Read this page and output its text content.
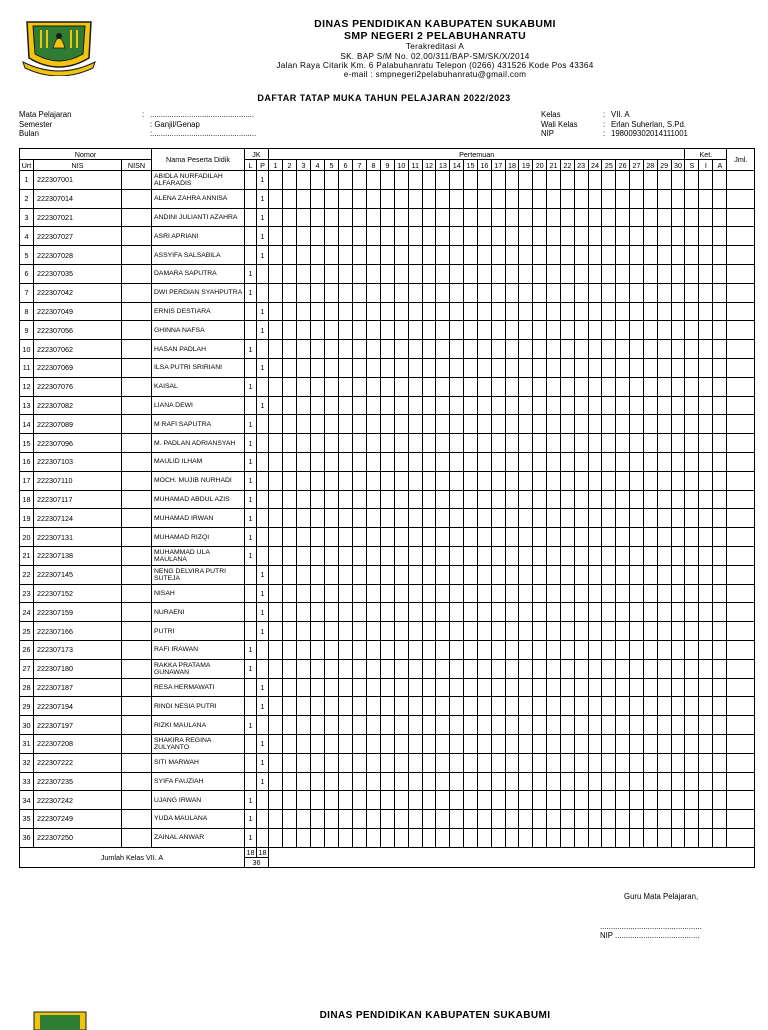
DINAS PENDIDIKAN KABUPATEN SUKABUMI
SMP NEGERI 2 PELABUHANRATU
Terakreditasi A
SK. BAP S/M No. 02.00/311/BAP-SM/SK/X/2014
Jalan Raya Citarik Km. 6 Palabuhanratu Telepon (0266) 431526 Kode Pos 43364
e-mail : smpnegeri2pelabuhanratu@gmail.com
DAFTAR TATAP MUKA TAHUN PELAJARAN 2022/2023
Mata Pelajaran	: ................................................
Semester	: Ganjil/Genap
Bulan	:................................................
Kelas	: VII. A
Wali Kelas	: Erlan Suherlan, S.Pd.
NIP	: 198009302014111001
Nomor			Nama Peserta Didik	JK		Pertemuan																														Ket.			Jml.
Urt	NIS	NISN		L	P	1	2	3	4	5	6	7	8	9	10	11	12	13	14	15	16	17	18	19	20	21	22	23	24	25	26	27	28	29	30	S	I	A	
1	222307001		ABIDLA NURFADILAH ALFARADIS		1																																		
2	222307014		ALENA ZAHRA ANNISA		1																																		
3	222307021		ANDINI JULIANTI AZAHRA		1																																		
4	222307027		ASRI APRIANI		1																																		
5	222307028		ASSYIFA SALSABILA		1																																		
6	222307035		DAMARA SAPUTRA	1																																			
7	222307042		DWI PERDIAN SYAHPUTRA	1																																			
8	222307049		ERNIS DESTIARA		1																																		
9	222307056		GHINNA NAFSA		1																																		
10	222307062		HASAN PADLAH	1																																			
11	222307069		ILSA PUTRI SRIRIANI		1																																		
12	222307076		KAISAL	1																																			
13	222307082		LIANA DEWI		1																																		
14	222307089		M RAFI SAPUTRA	1																																			
15	222307096		M. PADLAN ADRIANSYAH	1																																			
16	222307103		MAULID ILHAM	1																																			
17	222307110		MOCH. MUJIB NURHADI	1																																			
18	222307117		MUHAMAD ABDUL AZIS	1																																			
19	222307124		MUHAMAD IRWAN	1																																			
20	222307131		MUHAMAD RIZQI	1																																			
21	222307138		MUHAMMAD ULA MAULANA	1																																			
22	222307145		NENG DELVIRA PUTRI SUTEJA		1																																		
23	222307152		NISAH		1																																		
24	222307159		NURAENI		1																																		
25	222307166		PUTRI		1																																		
26	222307173		RAFI IRAWAN	1																																			
27	222307180		RAKKA PRATAMA GUNAWAN	1																																			
28	222307187		RESA HERMAWATI		1																																		
29	222307194		RINDI NESIA PUTRI		1																																		
30	222307197		RIZKI MAULANA	1																																			
31	222307208		SHAKIRA REGINA ZULYANTO		1																																		
32	222307222		SITI MARWAH		1																																		
33	222307235		SYIFA FAUZIAH		1																																		
34	222307242		UJANG IRWAN	1																																			
35	222307249		YUDA MAULANA	1																																			
36	222307250		ZAINAL ANWAR	1																																			
Jumlah Kelas VII. A				18	18																																		
				36																																			
Guru Mata Pelajaran,
...............................................
NIP .......................................
DINAS PENDIDIKAN KABUPATEN SUKABUMI
